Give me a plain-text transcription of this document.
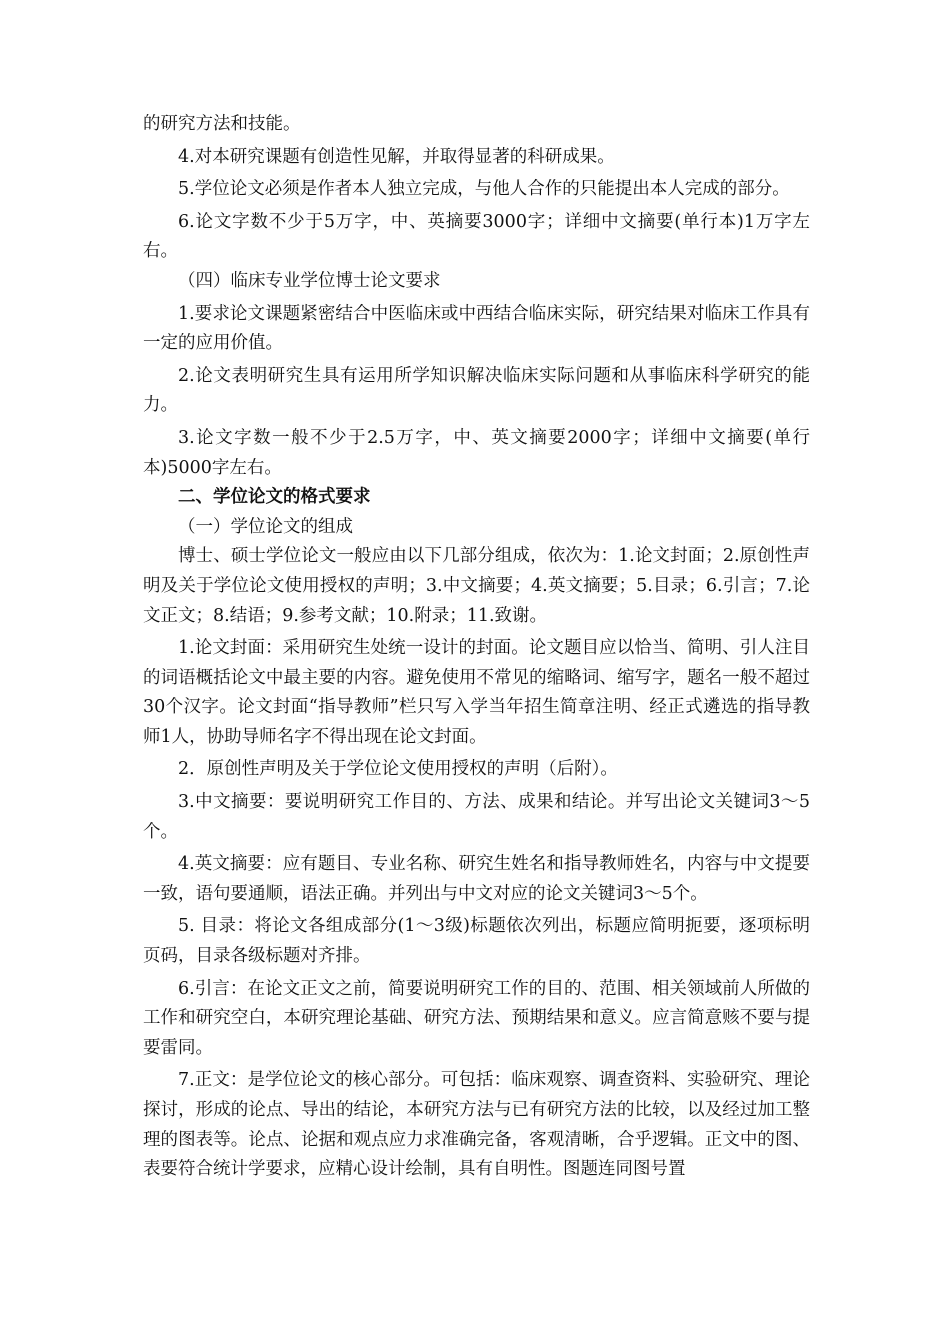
的研究方法和技能。

4.对本研究课题有创造性见解，并取得显著的科研成果。

5.学位论文必须是作者本人独立完成，与他人合作的只能提出本人完成的部分。

6.论文字数不少于5万字，中、英摘要3000字；详细中文摘要(单行本)1万字左右。

（四）临床专业学位博士论文要求

1.要求论文课题紧密结合中医临床或中西结合临床实际，研究结果对临床工作具有一定的应用价值。

2.论文表明研究生具有运用所学知识解决临床实际问题和从事临床科学研究的能力。

3.论文字数一般不少于2.5万字，中、英文摘要2000字；详细中文摘要(单行本)5000字左右。

二、学位论文的格式要求

（一）学位论文的组成

博士、硕士学位论文一般应由以下几部分组成，依次为：1.论文封面；2.原创性声明及关于学位论文使用授权的声明；3.中文摘要；4.英文摘要；5.目录；6.引言；7.论文正文；8.结语；9.参考文献；10.附录；11.致谢。

1.论文封面：采用研究生处统一设计的封面。论文题目应以恰当、简明、引人注目的词语概括论文中最主要的内容。避免使用不常见的缩略词、缩写字，题名一般不超过30个汉字。论文封面“指导教师”栏只写入学当年招生简章注明、经正式遴选的指导教师1人，协助导师名字不得出现在论文封面。

2．原创性声明及关于学位论文使用授权的声明（后附）。

3.中文摘要：要说明研究工作目的、方法、成果和结论。并写出论文关键词3～5个。

4.英文摘要：应有题目、专业名称、研究生姓名和指导教师姓名，内容与中文提要一致，语句要通顺，语法正确。并列出与中文对应的论文关键词3～5个。

5. 目录：将论文各组成部分(1～3级)标题依次列出，标题应简明扼要，逐项标明页码，目录各级标题对齐排。

6.引言：在论文正文之前，简要说明研究工作的目的、范围、相关领域前人所做的工作和研究空白，本研究理论基础、研究方法、预期结果和意义。应言简意赅不要与提要雷同。

7.正文：是学位论文的核心部分。可包括：临床观察、调查资料、实验研究、理论探讨，形成的论点、导出的结论，本研究方法与已有研究方法的比较，以及经过加工整理的图表等。论点、论据和观点应力求准确完备，客观清晰，合乎逻辑。正文中的图、表要符合统计学要求，应精心设计绘制，具有自明性。图题连同图号置
